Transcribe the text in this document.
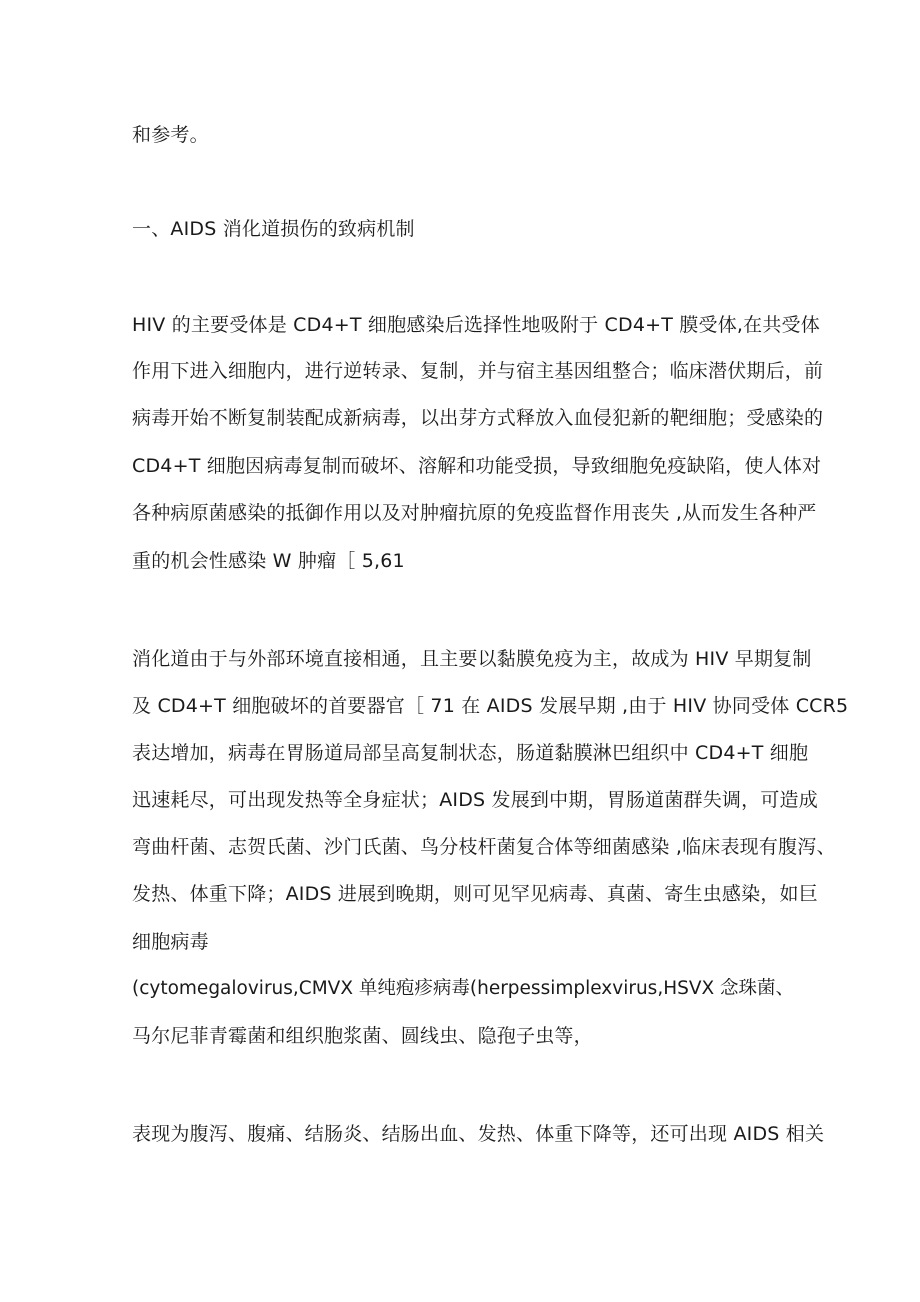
和参考。
一、AIDS 消化道损伤的致病机制
HIV 的主要受体是 CD4+T 细胞感染后选择性地吸附于 CD4+T 膜受体,在共受体
作用下进入细胞内，进行逆转录、复制，并与宿主基因组整合；临床潜伏期后，前
病毒开始不断复制装配成新病毒，以出芽方式释放入血侵犯新的靶细胞；受感染的
CD4+T 细胞因病毒复制而破坏、溶解和功能受损，导致细胞免疫缺陷，使人体对
各种病原菌感染的抵御作用以及对肿瘤抗原的免疫监督作用丧失 ,从而发生各种严
重的机会性感染 W 肿瘤［ 5,61
消化道由于与外部环境直接相通，且主要以黏膜免疫为主，故成为 HIV 早期复制
及 CD4+T 细胞破坏的首要器官［ 71 在 AIDS 发展早期 ,由于 HIV 协同受体 CCR5
表达增加，病毒在胃肠道局部呈高复制状态，肠道黏膜淋巴组织中 CD4+T 细胞
迅速耗尽，可出现发热等全身症状；AIDS 发展到中期，胃肠道菌群失调，可造成
弯曲杆菌、志贺氏菌、沙门氏菌、鸟分枝杆菌复合体等细菌感染 ,临床表现有腹泻、
发热、体重下降；AIDS 进展到晚期，则可见罕见病毒、真菌、寄生虫感染，如巨
细胞病毒
(cytomegalovirus,CMVX 单纯疱疹病毒(herpessimplexvirus,HSVX 念珠菌、
马尔尼菲青霉菌和组织胞浆菌、圆线虫、隐孢子虫等，
表现为腹泻、腹痛、结肠炎、结肠出血、发热、体重下降等，还可出现 AIDS 相关
